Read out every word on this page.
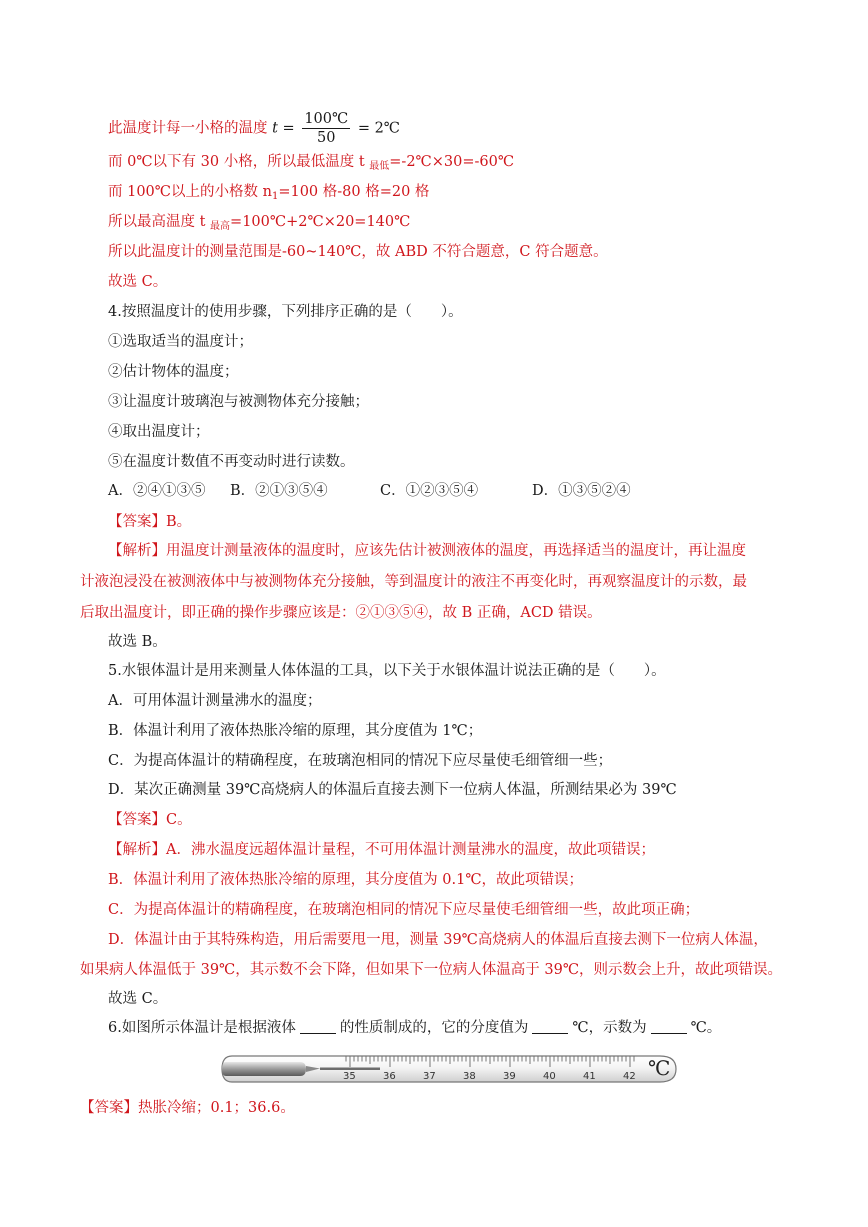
此温度计每一小格的温度 $t = \frac{100℃}{50}$ = 2℃
而 0℃以下有 30 小格，所以最低温度 t $_{最低}$=-2℃×30=-60℃
而 100℃以上的小格数 $n_1=100$ 格-80 格=20 格
所以最高温度 t $_{最高}$=100℃+2℃×20=140℃
所以此温度计的测量范围是-60~140℃，故 ABD 不符合题意，C 符合题意。
故选 C。
4.按照温度计的使用步骤，下列排序正确的是（　　）。
①选取适当的温度计；
②估计物体的温度；
③让温度计玻璃泡与被测物体充分接触；
④取出温度计；
⑤在温度计数值不再变动时进行读数。
A．②④①③⑤ B．②①③⑤④	C．①②③⑤④	D．①③⑤②④
【答案】B。
【解析】用温度计测量液体的温度时，应该先估计被测液体的温度，再选择适当的温度计，再让温度
计液泡浸没在被测液体中与被测物体充分接触，等到温度计的液注不再变化时，再观察温度计的示数，最
后取出温度计，即正确的操作步骤应该是：②①③⑤④，故 B 正确，ACD 错误。
故选 B。
5.水银体温计是用来测量人体体温的工具，以下关于水银体温计说法正确的是（　　）。
A．可用体温计测量沸水的温度；
B．体温计利用了液体热胀冷缩的原理，其分度值为 1℃；
C．为提高体温计的精确程度，在玻璃泡相同的情况下应尽量使毛细管细一些；
D．某次正确测量 39℃高烧病人的体温后直接去测下一位病人体温，所测结果必为 39℃
【答案】C。
【解析】A．沸水温度远超体温计量程，不可用体温计测量沸水的温度，故此项错误；
B．体温计利用了液体热胀冷缩的原理，其分度值为 0.1℃，故此项错误；
C．为提高体温计的精确程度，在玻璃泡相同的情况下应尽量使毛细管细一些，故此项正确；
D．体温计由于其特殊构造，用后需要甩一甩，测量 39℃高烧病人的体温后直接去测下一位病人体温，
如果病人体温低于 39℃，其示数不会下降，但如果下一位病人体温高于 39℃，则示数会上升，故此项错误。
故选 C。
6.如图所示体温计是根据液体	的性质制成的，它的分度值为	℃，示数为	℃。
35	36	37	38	39	40	41	42 ℃
【答案】热胀冷缩；0.1；36.6。
